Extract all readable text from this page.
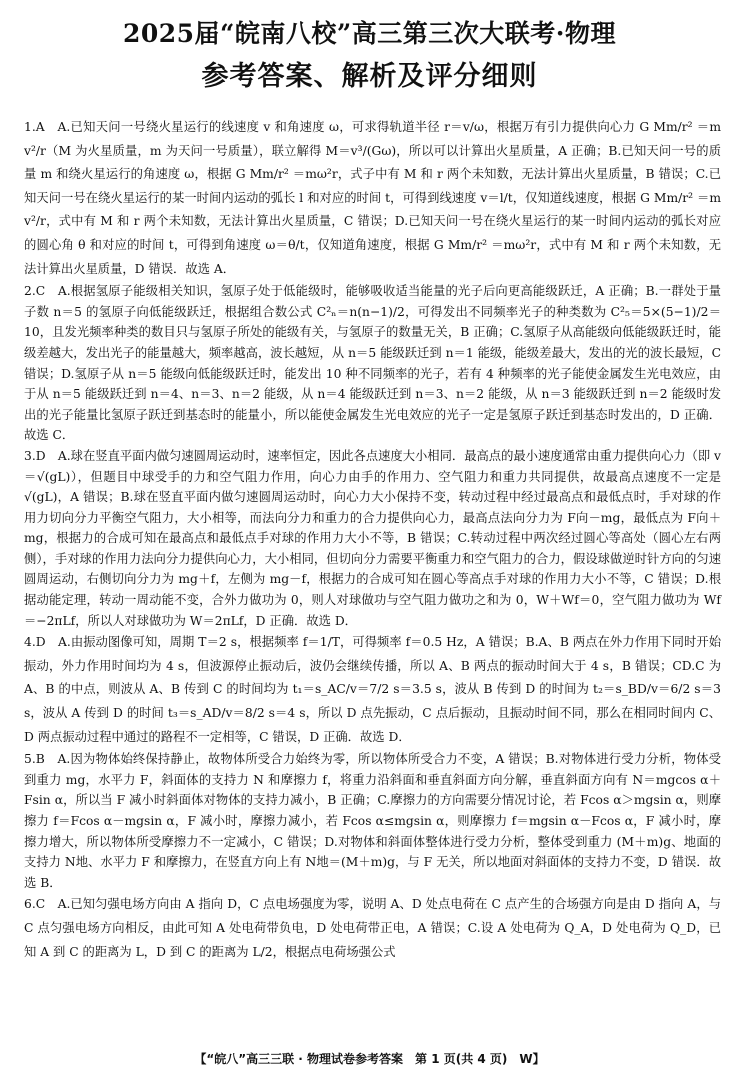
2025届“皖南八校”高三第三次大联考·物理
参考答案、解析及评分细则

1.A　A.已知天问一号绕火星运行的线速度 v 和角速度 ω，可求得轨道半径 r＝v/ω，根据万有引力提供向心力 G Mm/r² ＝m v²/r（M 为火星质量，m 为天问一号质量），联立解得 M＝v³/(Gω)，所以可以计算出火星质量，A 正确；B.已知天问一号的质量 m 和绕火星运行的角速度 ω，根据 G Mm/r² ＝mω²r，式子中有 M 和 r 两个未知数，无法计算出火星质量，B 错误；C.已知天问一号在绕火星运行的某一时间内运动的弧长 l 和对应的时间 t，可得到线速度 v＝l/t，仅知道线速度，根据 G Mm/r² ＝m v²/r，式中有 M 和 r 两个未知数，无法计算出火星质量，C 错误；D.已知天问一号在绕火星运行的某一时间内运动的弧长对应的圆心角 θ 和对应的时间 t，可得到角速度 ω＝θ/t，仅知道角速度，根据 G Mm/r² ＝mω²r，式中有 M 和 r 两个未知数，无法计算出火星质量，D 错误．故选 A．

2.C　A.根据氢原子能级相关知识，氢原子处于低能级时，能够吸收适当能量的光子后向更高能级跃迁，A 正确；B.一群处于量子数 n＝5 的氢原子向低能级跃迁，根据组合数公式 C²ₙ＝n(n−1)/2，可得发出不同频率光子的种类数为 C²₅＝5×(5−1)/2＝10，且发光频率种类的数目只与氢原子所处的能级有关，与氢原子的数量无关，B 正确；C.氢原子从高能级向低能级跃迁时，能级差越大，发出光子的能量越大，频率越高，波长越短，从 n＝5 能级跃迁到 n＝1 能级，能级差最大，发出的光的波长最短，C 错误；D.氢原子从 n＝5 能级向低能级跃迁时，能发出 10 种不同频率的光子，若有 4 种频率的光子能使金属发生光电效应，由于从 n＝5 能级跃迁到 n＝4、n＝3、n＝2 能级，从 n＝4 能级跃迁到 n＝3、n＝2 能级，从 n＝3 能级跃迁到 n＝2 能级时发出的光子能量比氢原子跃迁到基态时的能量小，所以能使金属发生光电效应的光子一定是氢原子跃迁到基态时发出的，D 正确．故选 C．

3.D　A.球在竖直平面内做匀速圆周运动时，速率恒定，因此各点速度大小相同．最高点的最小速度通常由重力提供向心力（即 v＝√(gL)），但题目中球受手的力和空气阻力作用，向心力由手的作用力、空气阻力和重力共同提供，故最高点速度不一定是 √(gL)，A 错误；B.球在竖直平面内做匀速圆周运动时，向心力大小保持不变，转动过程中经过最高点和最低点时，手对球的作用力切向分力平衡空气阻力，大小相等，而法向分力和重力的合力提供向心力，最高点法向分力为 F向－mg，最低点为 F向＋mg，根据力的合成可知在最高点和最低点手对球的作用力大小不等，B 错误；C.转动过程中两次经过圆心等高处（圆心左右两侧），手对球的作用力法向分力提供向心力，大小相同，但切向分力需要平衡重力和空气阻力的合力，假设球做逆时针方向的匀速圆周运动，右侧切向分力为 mg＋f，左侧为 mg－f，根据力的合成可知在圆心等高点手对球的作用力大小不等，C 错误；D.根据动能定理，转动一周动能不变，合外力做功为 0，则人对球做功与空气阻力做功之和为 0，W＋Wf＝0，空气阻力做功为 Wf＝−2πLf，所以人对球做功为 W＝2πLf，D 正确．故选 D．

4.D　A.由振动图像可知，周期 T＝2 s，根据频率 f＝1/T，可得频率 f＝0.5 Hz，A 错误；B.A、B 两点在外力作用下同时开始振动，外力作用时间均为 4 s，但波源停止振动后，波仍会继续传播，所以 A、B 两点的振动时间大于 4 s，B 错误；CD.C 为 A、B 的中点，则波从 A、B 传到 C 的时间均为 t₁＝s_AC/v＝7/2 s＝3.5 s，波从 B 传到 D 的时间为 t₂＝s_BD/v＝6/2 s＝3 s，波从 A 传到 D 的时间 t₃＝s_AD/v＝8/2 s＝4 s，所以 D 点先振动，C 点后振动，且振动时间不同，那么在相同时间内 C、D 两点振动过程中通过的路程不一定相等，C 错误，D 正确．故选 D．

5.B　A.因为物体始终保持静止，故物体所受合力始终为零，所以物体所受合力不变，A 错误；B.对物体进行受力分析，物体受到重力 mg，水平力 F，斜面体的支持力 N 和摩擦力 f，将重力沿斜面和垂直斜面方向分解，垂直斜面方向有 N＝mgcos α＋Fsin α，所以当 F 减小时斜面体对物体的支持力减小，B 正确；C.摩擦力的方向需要分情况讨论，若 Fcos α＞mgsin α，则摩擦力 f＝Fcos α－mgsin α，F 减小时，摩擦力减小，若 Fcos α≤mgsin α，则摩擦力 f＝mgsin α－Fcos α，F 减小时，摩擦力增大，所以物体所受摩擦力不一定减小，C 错误；D.对物体和斜面体整体进行受力分析，整体受到重力 (M＋m)g、地面的支持力 N地、水平力 F 和摩擦力，在竖直方向上有 N地＝(M＋m)g，与 F 无关，所以地面对斜面体的支持力不变，D 错误．故选 B．

6.C　A.已知匀强电场方向由 A 指向 D，C 点电场强度为零，说明 A、D 处点电荷在 C 点产生的合场强方向是由 D 指向 A，与 C 点匀强电场方向相反，由此可知 A 处电荷带负电，D 处电荷带正电，A 错误；C.设 A 处电荷为 Q_A，D 处电荷为 Q_D，已知 A 到 C 的距离为 L，D 到 C 的距离为 L/2，根据点电荷场强公式

【“皖八”高三三联 · 物理试卷参考答案　第 1 页(共 4 页)　W】
